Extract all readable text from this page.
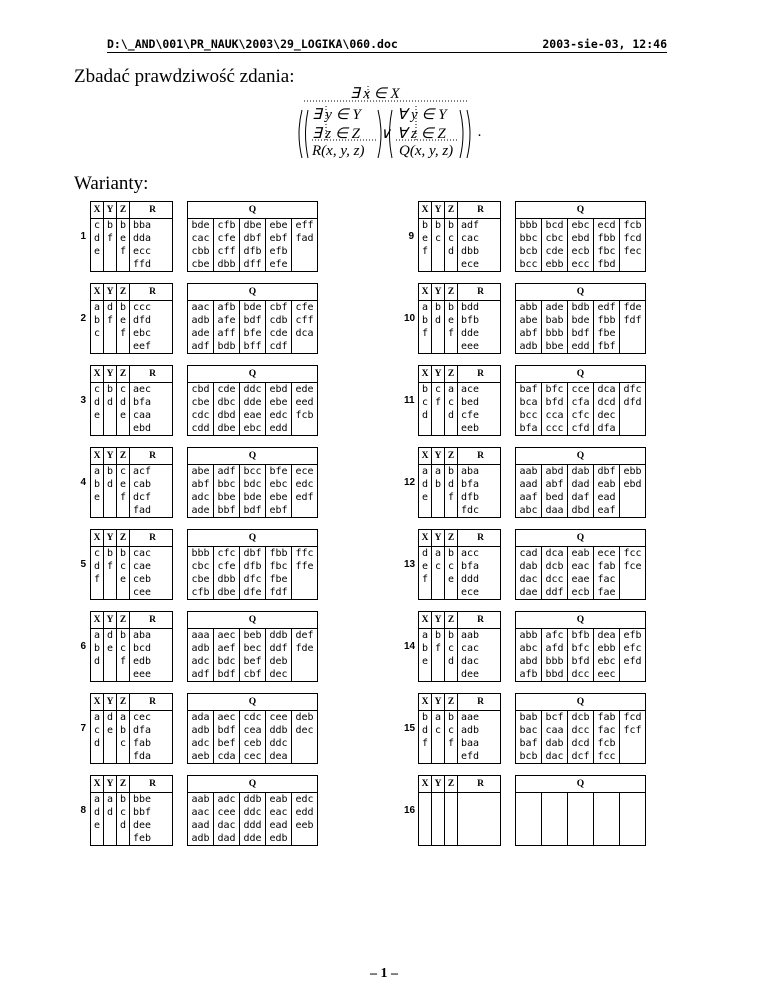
D:\_AND\001\PR_NAUK\2003\29_LOGIKA\060.doc	2003-sie-03, 12:46
Zbadać prawdziwość zdania:
∃ x ∈ X
∃ y ∈ Y ∀ y ∈ Y
∃ z ∈ Z ∨ ∀ z ∈ Z
R(x, y, z) Q(x, y, z)
.
Warianty:
1
X	Y	Z	R		Q				
c	b	b	bba		bde	cfb	dbe	ebe	eff
d	f	e	dda		cac	cfe	dbf	ebf	fad
e		f	ecc		cbb	cff	dfb	efb	
			ffd		cbe	dbb	dff	efe	
2
X	Y	Z	R		Q				
a	d	b	ccc		aac	afb	bde	cbf	cfe
b	f	e	dfd		adb	afe	bdf	cdb	cff
c		f	ebc		ade	aff	bfe	cde	dca
			eef		adf	bdb	bff	cdf	
3
X	Y	Z	R		Q				
c	b	c	aec		cbd	cde	ddc	ebd	ede
d	d	d	bfa		cbe	dbc	dde	ebe	eed
e		e	caa		cdc	dbd	eae	edc	fcb
			ebd		cdd	dbe	ebc	edd	
4
X	Y	Z	R		Q				
a	b	c	acf		abe	adf	bcc	bfe	ece
b	d	e	cab		abf	bbc	bdc	ebc	edc
e		f	dcf		adc	bbe	bde	ebe	edf
			fad		ade	bbf	bdf	ebf	
5
X	Y	Z	R		Q				
c	b	b	cac		bbb	cfc	dbf	fbb	ffc
d	f	c	cae		cbc	cfe	dfb	fbc	ffe
f		e	ceb		cbe	dbb	dfc	fbe	
			cee		cfb	dbe	dfe	fdf	
6
X	Y	Z	R		Q				
a	d	b	aba		aaa	aec	beb	ddb	def
b	e	c	bcd		adb	aef	bec	ddf	fde
d		f	edb		adc	bdc	bef	deb	
			eee		adf	bdf	cbf	dec	
7
X	Y	Z	R		Q				
a	d	a	cec		ada	aec	cdc	cee	deb
c	e	b	dfa		adb	bdf	cea	ddb	dec
d		c	fab		adc	bef	ceb	ddc	
			fda		aeb	cda	cec	dea	
8
X	Y	Z	R		Q				
a	a	b	bbe		aab	adc	ddb	eab	edc
d	d	c	bbf		aac	cee	ddc	eac	edd
e		d	dee		aad	dac	ddd	ead	eeb
			feb		adb	dad	dde	edb	
9
X	Y	Z	R		Q				
b	b	b	adf		bbb	bcd	ebc	ecd	fcb
e	c	c	cac		bbc	cbc	ebd	fbb	fcd
f		d	dbb		bcb	cde	ecb	fbc	fec
			ece		bcc	ebb	ecc	fbd	
10
X	Y	Z	R		Q				
a	b	b	bdd		abb	ade	bdb	edf	fde
b	d	e	bfb		abe	bab	bde	fbb	fdf
f		f	dde		abf	bbb	bdf	fbe	
			eee		adb	bbe	edd	fbf	
11
X	Y	Z	R		Q				
b	c	a	ace		baf	bfc	cce	dca	dfc
c	f	c	bed		bca	bfd	cfa	dcd	dfd
d		d	cfe		bcc	cca	cfc	dec	
			eeb		bfa	ccc	cfd	dfa	
12
X	Y	Z	R		Q				
a	a	b	aba		aab	abd	dab	dbf	ebb
d	b	d	bfa		aad	abf	dad	eab	ebd
e		f	dfb		aaf	bed	daf	ead	
			fdc		abc	daa	dbd	eaf	
13
X	Y	Z	R		Q				
d	a	b	acc		cad	dca	eab	ece	fcc
e	c	c	bfa		dab	dcb	eac	fab	fce
f		e	ddd		dac	dcc	eae	fac	
			ece		dae	ddf	ecb	fae	
14
X	Y	Z	R		Q				
a	b	b	aab		abb	afc	bfb	dea	efb
b	f	c	cac		abc	afd	bfc	ebb	efc
e		d	dac		abd	bbb	bfd	ebc	efd
			dee		afb	bbd	dcc	eec	
15
X	Y	Z	R		Q				
b	a	b	aae		bab	bcf	dcb	fab	fcd
d	c	c	adb		bac	caa	dcc	fac	fcf
f		f	baa		baf	dab	dcd	fcb	
			efd		bcb	dac	dcf	fcc	
16
X	Y	Z	R		Q				

– 1 –
